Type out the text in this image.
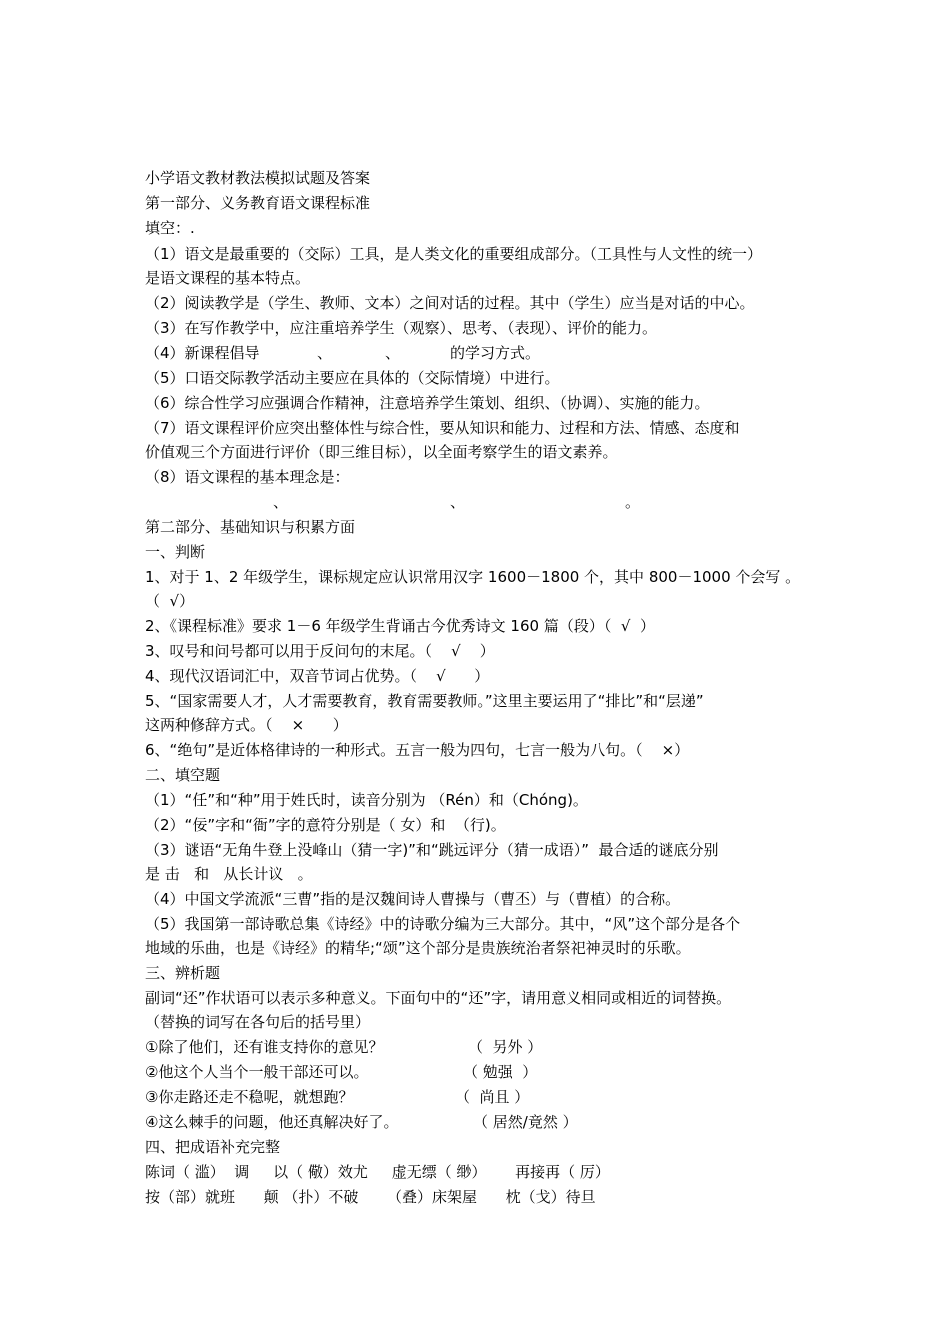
小学语文教材教法模拟试题及答案
第一部分、义务教育语文课程标准
填空：.
（1）语文是最重要的（交际）工具，是人类文化的重要组成部分。（工具性与人文性的统一）
是语文课程的基本特点。
（2）阅读教学是（学生、教师、文本）之间对话的过程。其中（学生）应当是对话的中心。
（3）在写作教学中，应注重培养学生（观察）、思考、（表现）、评价的能力。
（4）新课程倡导	、	、	的学习方式。
（5）口语交际教学活动主要应在具体的（交际情境）中进行。
（6）综合性学习应强调合作精神，注意培养学生策划、组织、（协调）、实施的能力。
（7）语文课程评价应突出整体性与综合性，要从知识和能力、过程和方法、情感、态度和
价值观三个方面进行评价（即三维目标），以全面考察学生的语文素养。
（8）语文课程的基本理念是：
、	、	。
第二部分、基础知识与积累方面
一、判断
1、对于 1、2 年级学生，课标规定应认识常用汉字 1600－1800 个，其中 800－1000 个会写 。
（  √）
2、《课程标准》要求 1－6 年级学生背诵古今优秀诗文 160 篇（段）（  √  ）
3、叹号和问号都可以用于反问句的末尾。（    √    ）
4、现代汉语词汇中，双音节词占优势。（    √      ）
5、“国家需要人才，人才需要教育，教育需要教师。”这里主要运用了“排比”和“层递”
这两种修辞方式。（    ×      ）
6、“绝句”是近体格律诗的一种形式。五言一般为四句，七言一般为八句。（    ×）
二、填空题
（1）“任”和“种”用于姓氏时，读音分别为 （Rén）和（Chóng)。
（2）“佞”字和“衙”字的意符分别是（ 女）和  （行)。
（3）谜语“无角牛登上没峰山（猜一字)”和“跳远评分（猜一成语）”  最合适的谜底分别
是 击   和   从长计议   。
（4）中国文学流派“三曹”指的是汉魏间诗人曹操与（曹丕）与（曹植）的合称。
（5）我国第一部诗歌总集《诗经》中的诗歌分编为三大部分。其中，“风”这个部分是各个
地域的乐曲，也是《诗经》的精华;“颂”这个部分是贵族统治者祭祀神灵时的乐歌。
三、辨析题
副词“还”作状语可以表示多种意义。下面句中的“还”字，请用意义相同或相近的词替换。
（替换的词写在各句后的括号里）
①除了他们，还有谁支持你的意见？	（  另外 ）
②他这个人当个一般干部还可以。	（ 勉强  ）
③你走路还走不稳呢，就想跑？	（  尚且 ）
④这么棘手的问题，他还真解决好了。	（ 居然/竟然 ）
四、把成语补充完整
陈词（ 滥）  调     以（ 儆）效尤     虚无缥（ 缈）      再接再（ 厉）
按（部）就班      颠 （扑）不破      （叠）床架屋      枕（戈）待旦
